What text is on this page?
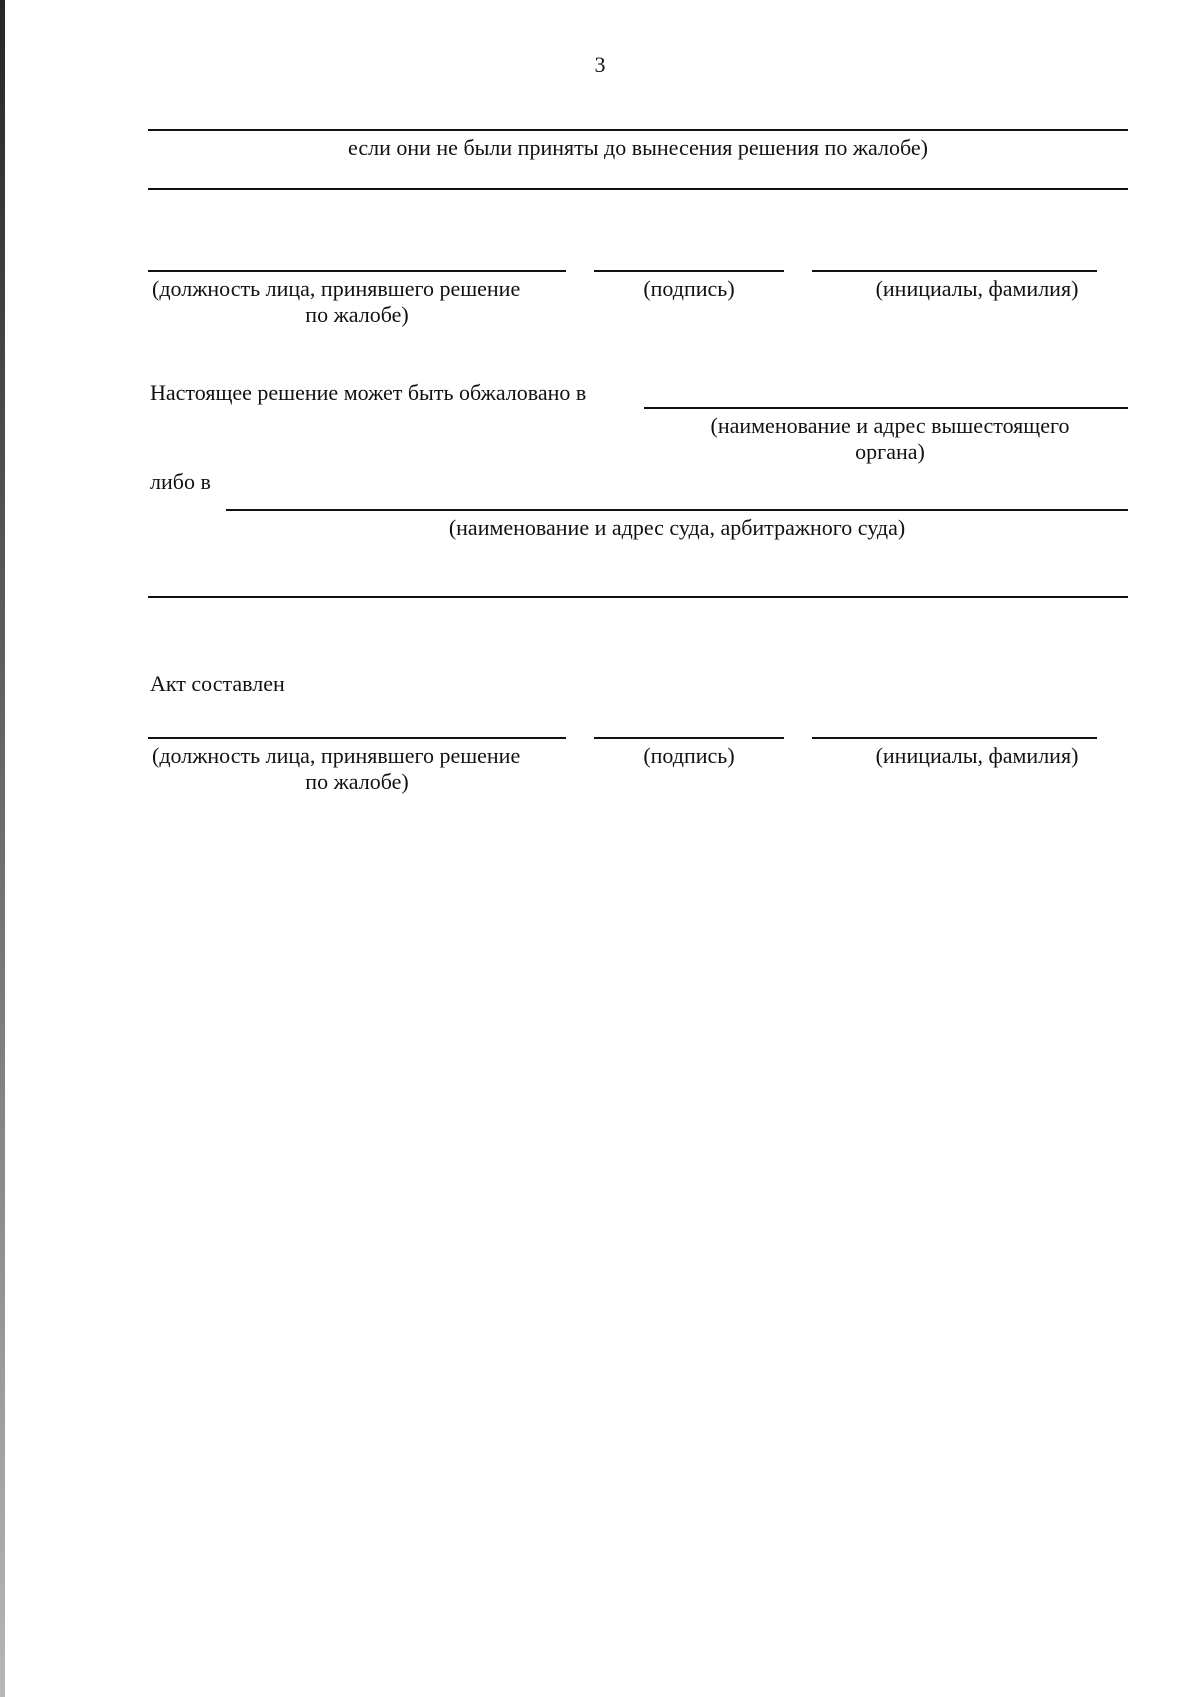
3
если они не были приняты до вынесения решения по жалобе)
(должность лица, принявшего решение
по жалобе)
(подпись)	(инициалы, фамилия)
Настоящее решение может быть обжаловано в
(наименование и адрес вышестоящего
органа)
либо в
(наименование и адрес суда, арбитражного суда)
Акт составлен
(должность лица, принявшего решение
по жалобе)
(подпись)	(инициалы, фамилия)
